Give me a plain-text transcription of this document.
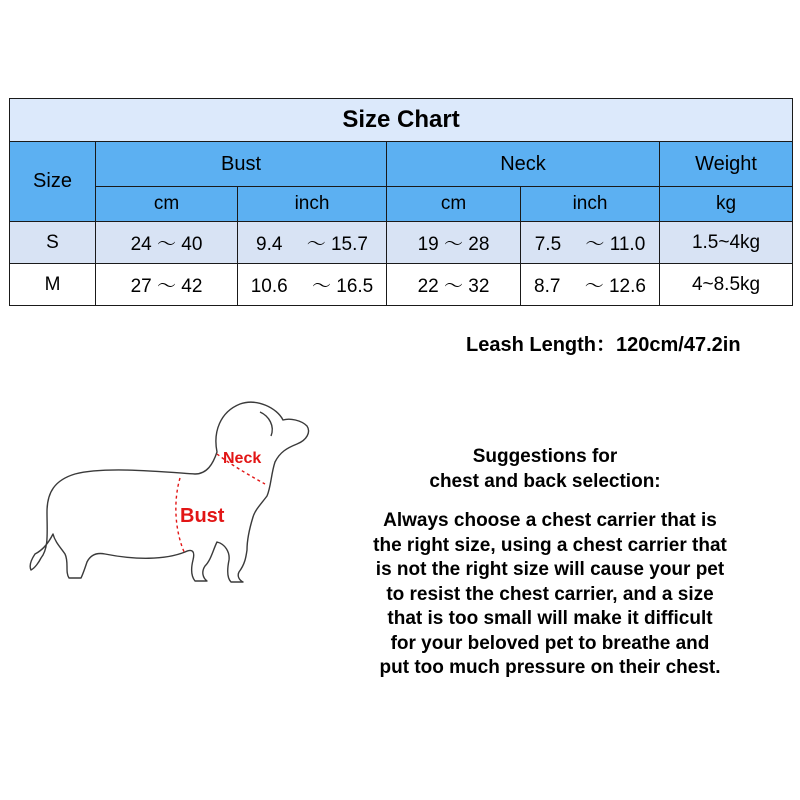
Size Chart					
Size	Bust		Neck		Weight
	cm	inch	cm	inch	kg
S	24 ～ 40	9.4 　～ 15.7	19 ～ 28	7.5 　～ 11.0	1.5~4kg
M	27 ～ 42	10.6 　～ 16.5	22 ～ 32	8.7 　～ 12.6	4~8.5kg
Leash Length：120cm/47.2in
Neck
Bust
Suggestions for
chest and back selection:
Always choose a chest carrier that is
the right size, using a chest carrier that
is not the right size will cause your pet
to resist the chest carrier, and a size
that is too small will make it difficult
for your beloved pet to breathe and
put too much pressure on their chest.
